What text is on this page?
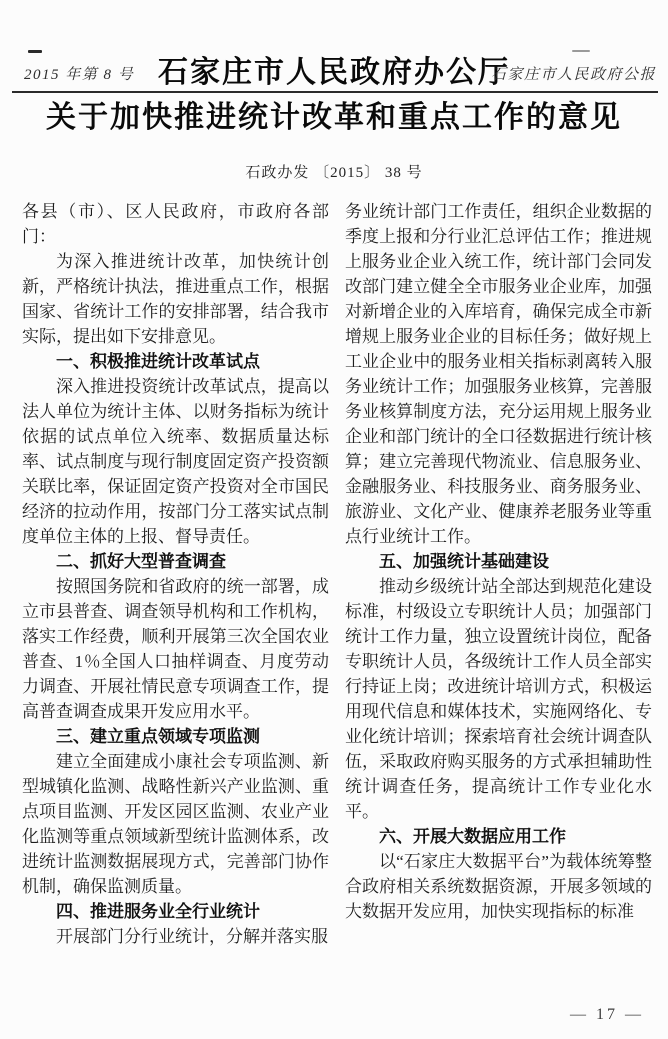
2015 年第 8 号	石家庄市人民政府公报
石家庄市人民政府办公厅
关于加快推进统计改革和重点工作的意见
石政办发 〔2015〕 38 号
各县（市）、区人民政府，市政府各部门：
为深入推进统计改革，加快统计创新，严格统计执法，推进重点工作，根据国家、省统计工作的安排部署，结合我市实际，提出如下安排意见。
一、积极推进统计改革试点
深入推进投资统计改革试点，提高以法人单位为统计主体、以财务指标为统计依据的试点单位入统率、数据质量达标率、试点制度与现行制度固定资产投资额关联比率，保证固定资产投资对全市国民经济的拉动作用，按部门分工落实试点制度单位主体的上报、督导责任。
二、抓好大型普查调查
按照国务院和省政府的统一部署，成立市县普查、调查领导机构和工作机构，落实工作经费，顺利开展第三次全国农业普查、1％全国人口抽样调查、月度劳动力调查、开展社情民意专项调查工作，提高普查调查成果开发应用水平。
三、建立重点领域专项监测
建立全面建成小康社会专项监测、新型城镇化监测、战略性新兴产业监测、重点项目监测、开发区园区监测、农业产业化监测等重点领域新型统计监测体系，改进统计监测数据展现方式，完善部门协作机制，确保监测质量。
四、推进服务业全行业统计
开展部门分行业统计，分解并落实服
务业统计部门工作责任，组织企业数据的季度上报和分行业汇总评估工作；推进规上服务业企业入统工作，统计部门会同发改部门建立健全全市服务业企业库，加强对新增企业的入库培育，确保完成全市新增规上服务业企业的目标任务；做好规上工业企业中的服务业相关指标剥离转入服务业统计工作；加强服务业核算，完善服务业核算制度方法，充分运用规上服务业企业和部门统计的全口径数据进行统计核算；建立完善现代物流业、信息服务业、金融服务业、科技服务业、商务服务业、旅游业、文化产业、健康养老服务业等重点行业统计工作。
五、加强统计基础建设
推动乡级统计站全部达到规范化建设标准，村级设立专职统计人员；加强部门统计工作力量，独立设置统计岗位，配备专职统计人员，各级统计工作人员全部实行持证上岗；改进统计培训方式，积极运用现代信息和媒体技术，实施网络化、专业化统计培训；探索培育社会统计调查队伍，采取政府购买服务的方式承担辅助性统计调查任务，提高统计工作专业化水平。
六、开展大数据应用工作
以“石家庄大数据平台”为载体统筹整合政府相关系统数据资源，开展多领域的大数据开发应用，加快实现指标的标准
— 17 —
